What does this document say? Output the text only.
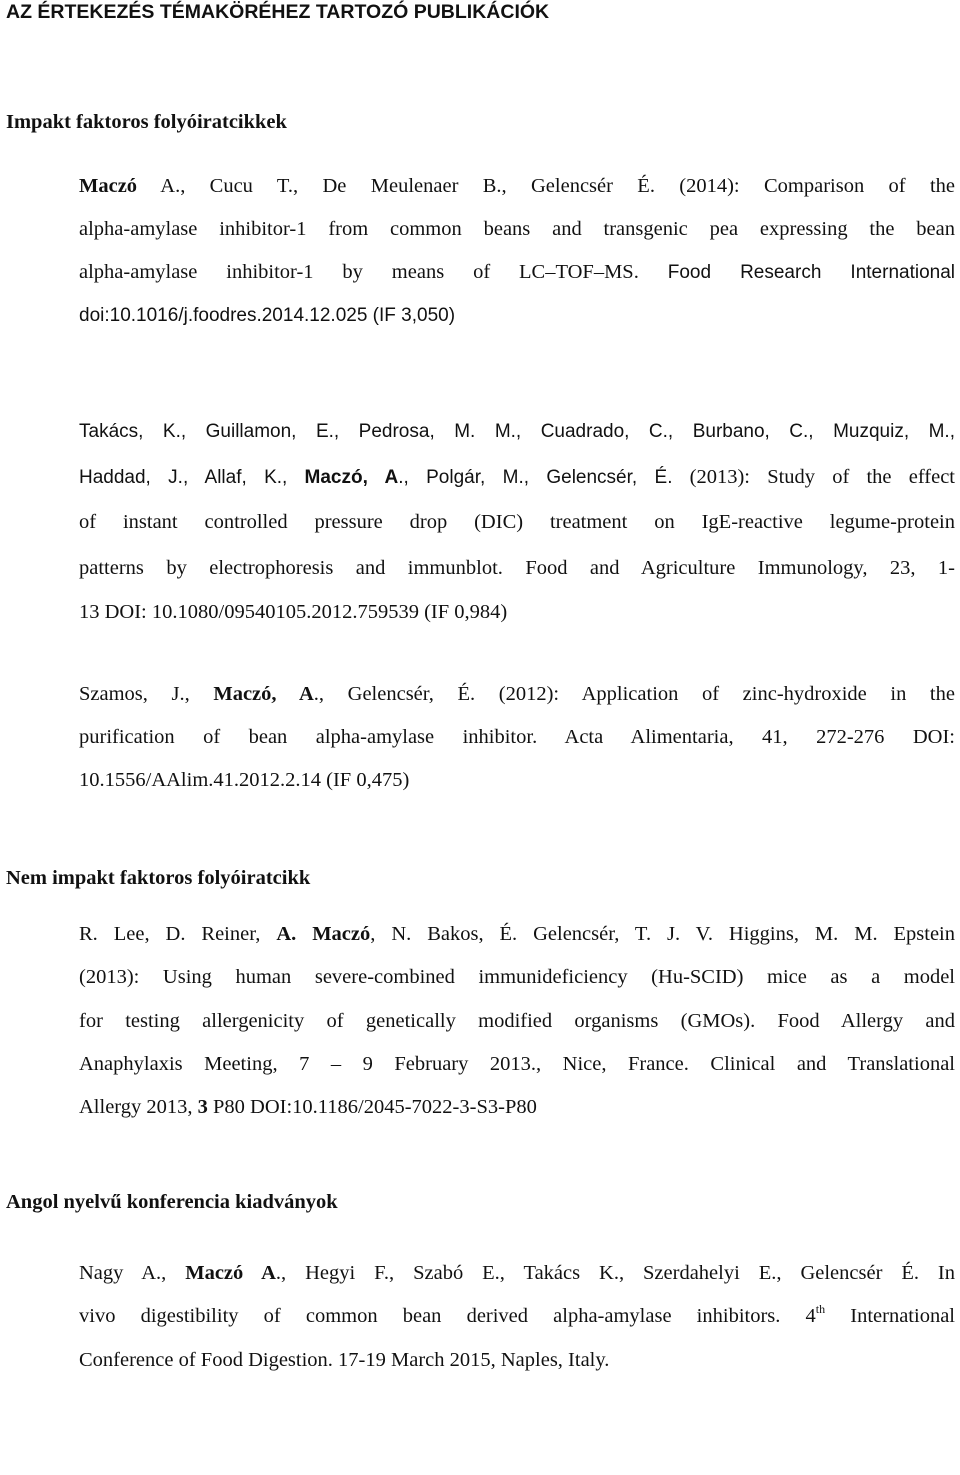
AZ ÉRTEKEZÉS TÉMAKÖRÉHEZ TARTOZÓ PUBLIKÁCIÓK
Impakt faktoros folyóiratcikkek
Maczó A., Cucu T., De Meulenaer B., Gelencsér É. (2014): Comparison of the
alpha-amylase inhibitor-1 from common beans and transgenic pea expressing the bean
alpha-amylase inhibitor-1 by means of LC–TOF–MS. Food Research International
doi:10.1016/j.foodres.2014.12.025 (IF 3,050)
Takács, K., Guillamon, E., Pedrosa, M. M., Cuadrado, C., Burbano, C., Muzquiz, M.,
Haddad, J., Allaf, K., Maczó, A., Polgár, M., Gelencsér, É. (2013): Study of the effect
of instant controlled pressure drop (DIC) treatment on IgE-reactive legume-protein
patterns by electrophoresis and immunblot. Food and Agriculture Immunology, 23, 1-
13 DOI: 10.1080/09540105.2012.759539 (IF 0,984)
Szamos, J., Maczó, A., Gelencsér, É. (2012): Application of zinc-hydroxide in the
purification of bean alpha-amylase inhibitor. Acta Alimentaria, 41, 272-276 DOI:
10.1556/AAlim.41.2012.2.14 (IF 0,475)
Nem impakt faktoros folyóiratcikk
R. Lee, D. Reiner, A. Maczó, N. Bakos, É. Gelencsér, T. J. V. Higgins, M. M. Epstein
(2013): Using human severe-combined immunideficiency (Hu-SCID) mice as a model
for testing allergenicity of genetically modified organisms (GMOs). Food Allergy and
Anaphylaxis Meeting, 7 – 9 February 2013., Nice, France. Clinical and Translational
Allergy 2013, 3 P80 DOI:10.1186/2045-7022-3-S3-P80
Angol nyelvű konferencia kiadványok
Nagy A., Maczó A., Hegyi F., Szabó E., Takács K., Szerdahelyi E., Gelencsér É. In
vivo digestibility of common bean derived alpha-amylase inhibitors. 4th International
Conference of Food Digestion. 17-19 March 2015, Naples, Italy.
